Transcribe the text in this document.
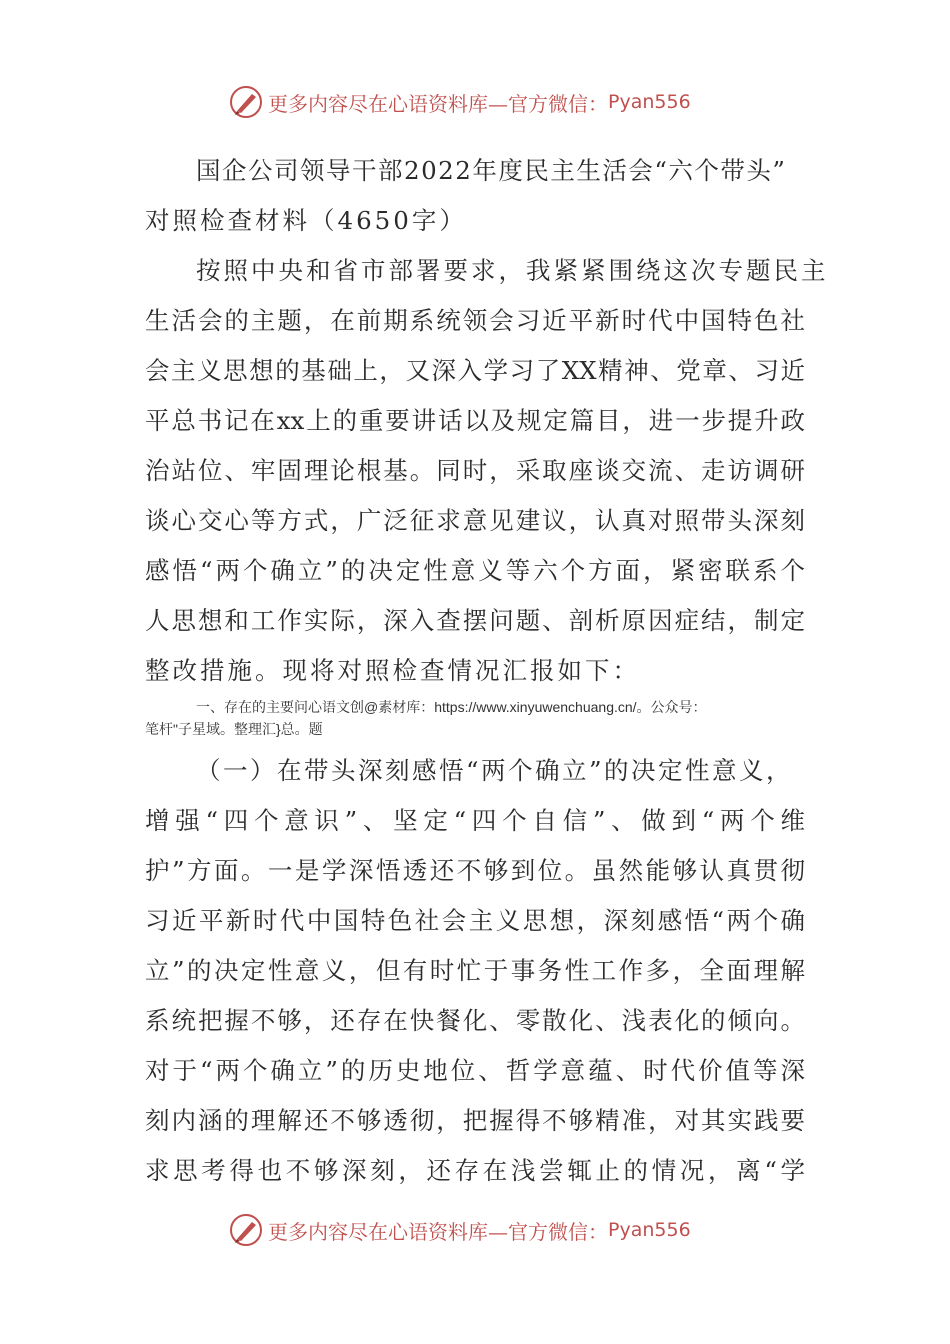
更多内容尽在心语资料库—官方微信： Pyan556
国企公司领导干部2022年度民主生活会“六个带头”
对照检查材料（4650字）
按照中央和省市部署要求，我紧紧围绕这次专题民主
生活会的主题，在前期系统领会习近平新时代中国特色社
会主义思想的基础上，又深入学习了XX精神、党章、习近
平总书记在xx上的重要讲话以及规定篇目，进一步提升政
治站位、牢固理论根基。同时，采取座谈交流、走访调研
谈心交心等方式，广泛征求意见建议，认真对照带头深刻
感悟“两个确立”的决定性意义等六个方面，紧密联系个
人思想和工作实际，深入查摆问题、剖析原因症结，制定
整改措施。现将对照检查情况汇报如下：
一、存在的主要问心语文创@素材库：https://www.xinyuwenchuang.cn/。公众号：
笔杆"子星域。整理汇}总。题
（一）在带头深刻感悟“两个确立”的决定性意义，
增强“四个意识”、坚定“四个自信”、做到“两个维
护”方面。一是学深悟透还不够到位。虽然能够认真贯彻
习近平新时代中国特色社会主义思想，深刻感悟“两个确
立”的决定性意义，但有时忙于事务性工作多，全面理解
系统把握不够，还存在快餐化、零散化、浅表化的倾向。
对于“两个确立”的历史地位、哲学意蕴、时代价值等深
刻内涵的理解还不够透彻，把握得不够精准，对其实践要
求思考得也不够深刻，还存在浅尝辄止的情况，离“学
更多内容尽在心语资料库—官方微信： Pyan556
